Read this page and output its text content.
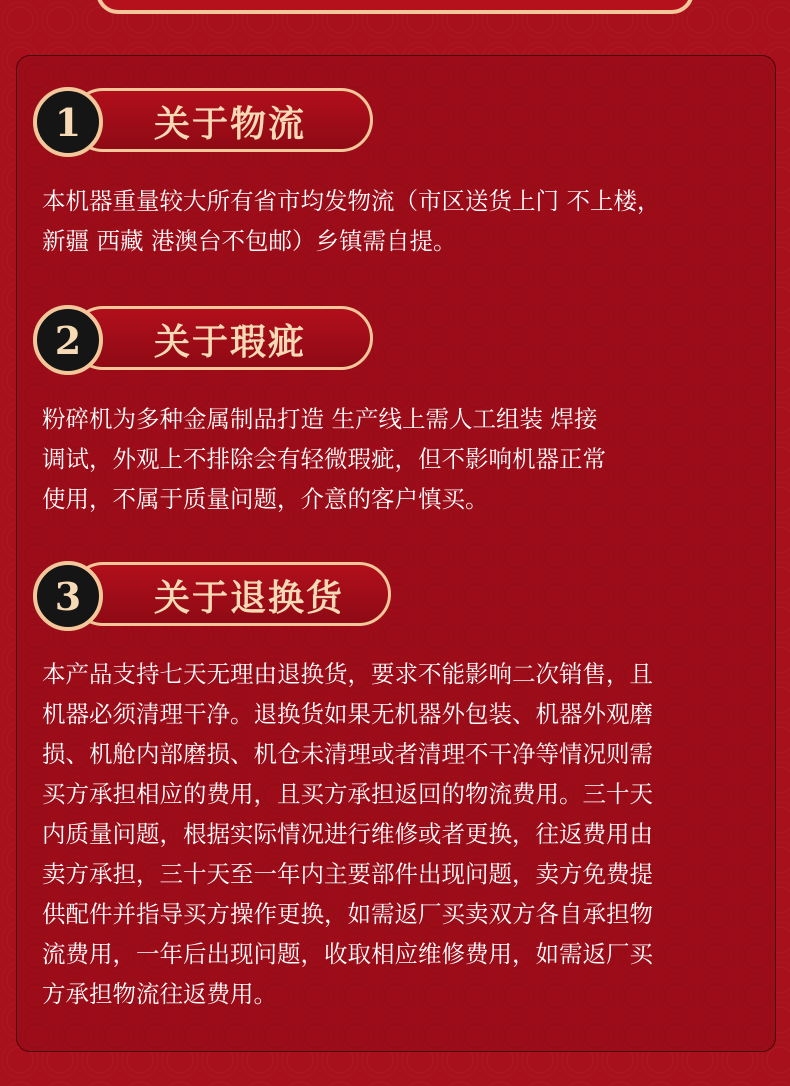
关于物流
1
本机器重量较大所有省市均发物流（市区送货上门 不上楼，
新疆 西藏 港澳台不包邮）乡镇需自提。
关于瑕疵
2
粉碎机为多种金属制品打造 生产线上需人工组装 焊接
调试，外观上不排除会有轻微瑕疵，但不影响机器正常
使用，不属于质量问题，介意的客户慎买。
关于退换货
3
本产品支持七天无理由退换货，要求不能影响二次销售，且
机器必须清理干净。退换货如果无机器外包装、机器外观磨
损、机舱内部磨损、机仓未清理或者清理不干净等情况则需
买方承担相应的费用，且买方承担返回的物流费用。三十天
内质量问题，根据实际情况进行维修或者更换，往返费用由
卖方承担，三十天至一年内主要部件出现问题，卖方免费提
供配件并指导买方操作更换，如需返厂买卖双方各自承担物
流费用，一年后出现问题，收取相应维修费用，如需返厂买
方承担物流往返费用。
